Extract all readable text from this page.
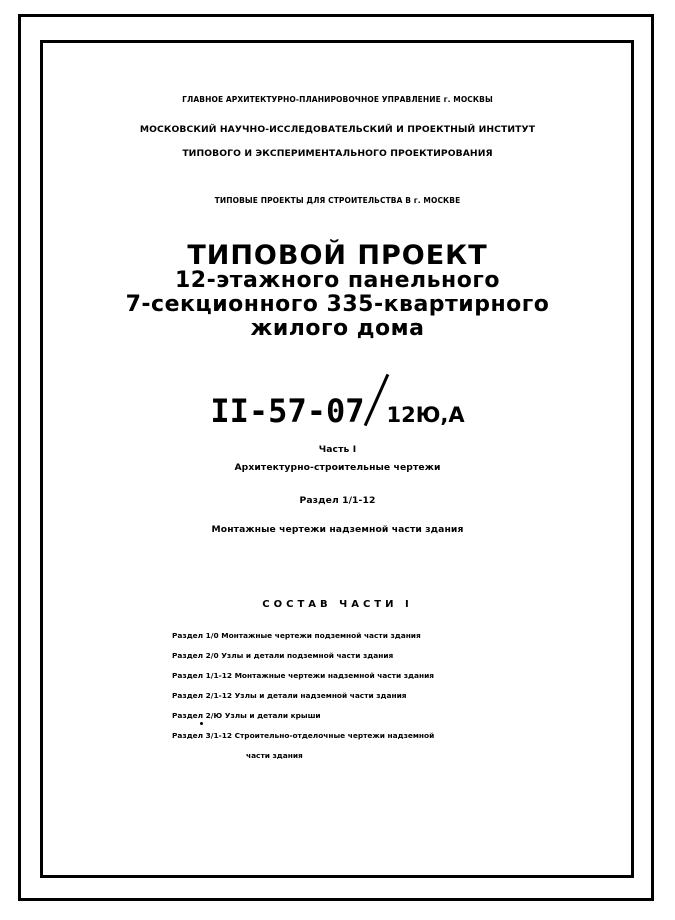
ГЛАВНОЕ АРХИТЕКТУРНО-ПЛАНИРОВОЧНОЕ УПРАВЛЕНИЕ г. МОСКВЫ
МОСКОВСКИЙ НАУЧНО-ИССЛЕДОВАТЕЛЬСКИЙ И ПРОЕКТНЫЙ ИНСТИТУТ
ТИПОВОГО И ЭКСПЕРИМЕНТАЛЬНОГО ПРОЕКТИРОВАНИЯ
ТИПОВЫЕ ПРОЕКТЫ ДЛЯ СТРОИТЕЛЬСТВА В г. МОСКВЕ
ТИПОВОЙ ПРОЕКТ
12-этажного панельного
7-секционного 335-квартирного
жилого дома
II-57-07 12Ю,А
Часть I
Архитектурно-строительные чертежи
Раздел 1/1-12
Монтажные чертежи надземной части здания
СОСТАВ ЧАСТИ I
Раздел 1/0 Монтажные чертежи подземной части здания
Раздел 2/0 Узлы и детали подземной части здания
Раздел 1/1-12 Монтажные чертежи надземной части здания
Раздел 2/1-12 Узлы и детали надземной части здания
Раздел 2/Ю Узлы и детали крыши
Раздел 3/1-12 Строительно-отделочные чертежи надземной
части здания
